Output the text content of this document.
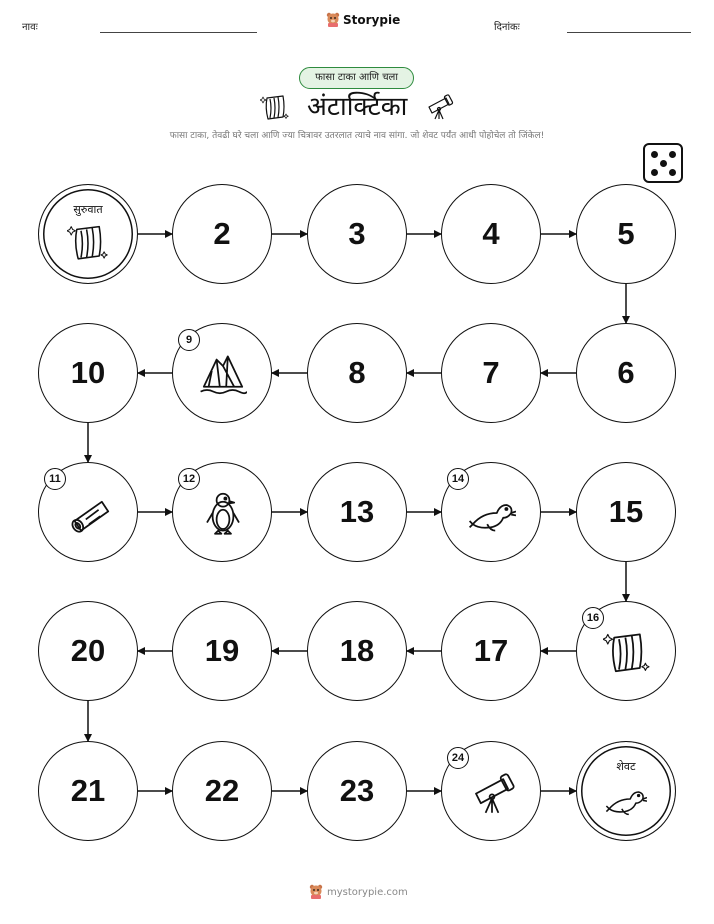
नावः
Storypie
दिनांकः
फासा टाका आणि चला
अंटार्क्टिका
फासा टाका, तेवढी घरे चला आणि ज्या चित्रावर उतरलात त्याचे नाव सांगा. जो शेवट पर्यंत आधी पोहोचेल तो जिंकेल!
सुरुवात
2	3	4	5
6
7
8
9
10
11	12
13
14
15
16
17
18
19
20
21	22	23
24
शेवट
mystorypie.com
